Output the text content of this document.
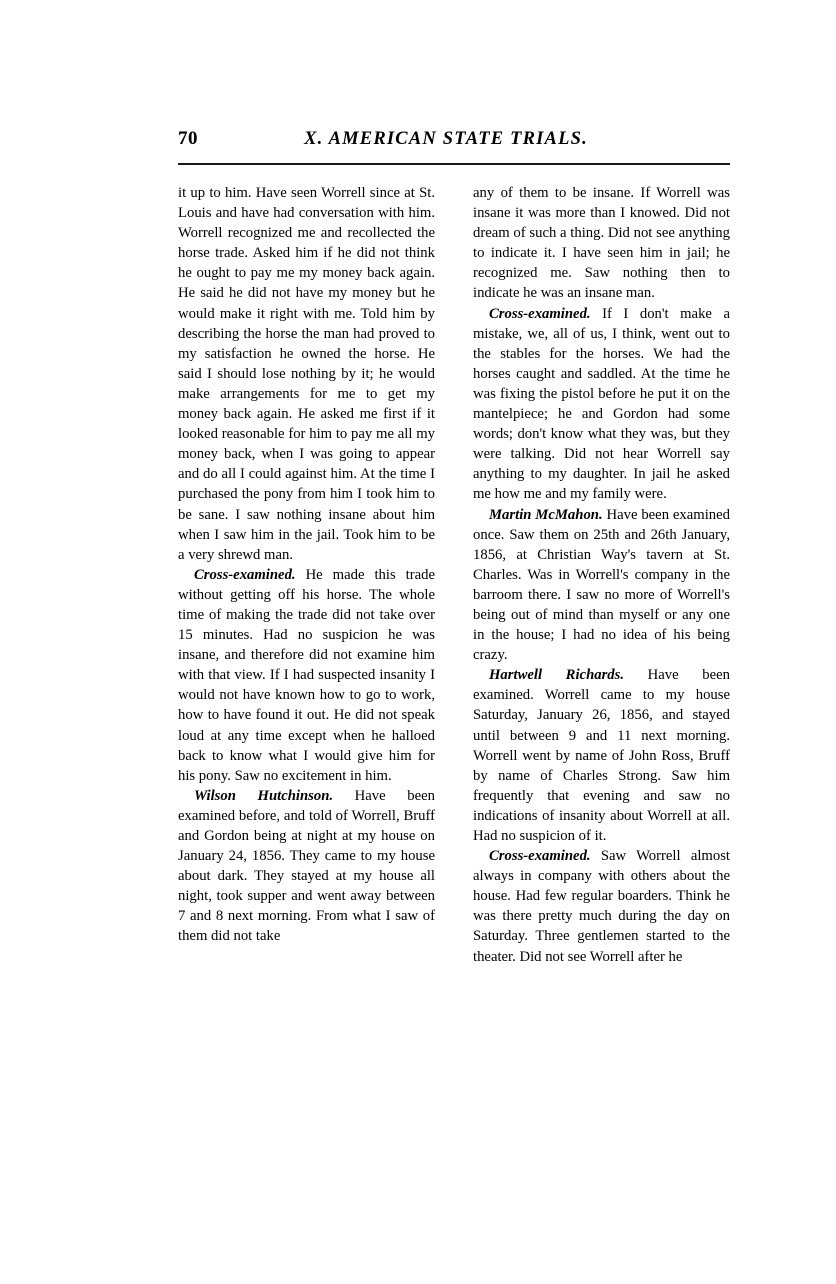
70	X. AMERICAN STATE TRIALS.

it up to him. Have seen Worrell since at St. Louis and have had conversation with him. Worrell recognized me and recollected the horse trade. Asked him if he did not think he ought to pay me my money back again. He said he did not have my money but he would make it right with me. Told him by describing the horse the man had proved to my satisfaction he owned the horse. He said I should lose nothing by it; he would make arrangements for me to get my money back again. He asked me first if it looked reasonable for him to pay me all my money back, when I was going to appear and do all I could against him. At the time I purchased the pony from him I took him to be sane. I saw nothing insane about him when I saw him in the jail. Took him to be a very shrewd man.

Cross-examined. He made this trade without getting off his horse. The whole time of making the trade did not take over 15 minutes. Had no suspicion he was insane, and therefore did not examine him with that view. If I had suspected insanity I would not have known how to go to work, how to have found it out. He did not speak loud at any time except when he halloed back to know what I would give him for his pony. Saw no excitement in him.

Wilson Hutchinson. Have been examined before, and told of Worrell, Bruff and Gordon being at night at my house on January 24, 1856. They came to my house about dark. They stayed at my house all night, took supper and went away between 7 and 8 next morning. From what I saw of them did not take

any of them to be insane. If Worrell was insane it was more than I knowed. Did not dream of such a thing. Did not see anything to indicate it. I have seen him in jail; he recognized me. Saw nothing then to indicate he was an insane man.

Cross-examined. If I don't make a mistake, we, all of us, I think, went out to the stables for the horses. We had the horses caught and saddled. At the time he was fixing the pistol before he put it on the mantelpiece; he and Gordon had some words; don't know what they was, but they were talking. Did not hear Worrell say anything to my daughter. In jail he asked me how me and my family were.

Martin McMahon. Have been examined once. Saw them on 25th and 26th January, 1856, at Christian Way's tavern at St. Charles. Was in Worrell's company in the barroom there. I saw no more of Worrell's being out of mind than myself or any one in the house; I had no idea of his being crazy.

Hartwell Richards. Have been examined. Worrell came to my house Saturday, January 26, 1856, and stayed until between 9 and 11 next morning. Worrell went by name of John Ross, Bruff by name of Charles Strong. Saw him frequently that evening and saw no indications of insanity about Worrell at all. Had no suspicion of it.

Cross-examined. Saw Worrell almost always in company with others about the house. Had few regular boarders. Think he was there pretty much during the day on Saturday. Three gentlemen started to the theater. Did not see Worrell after he
